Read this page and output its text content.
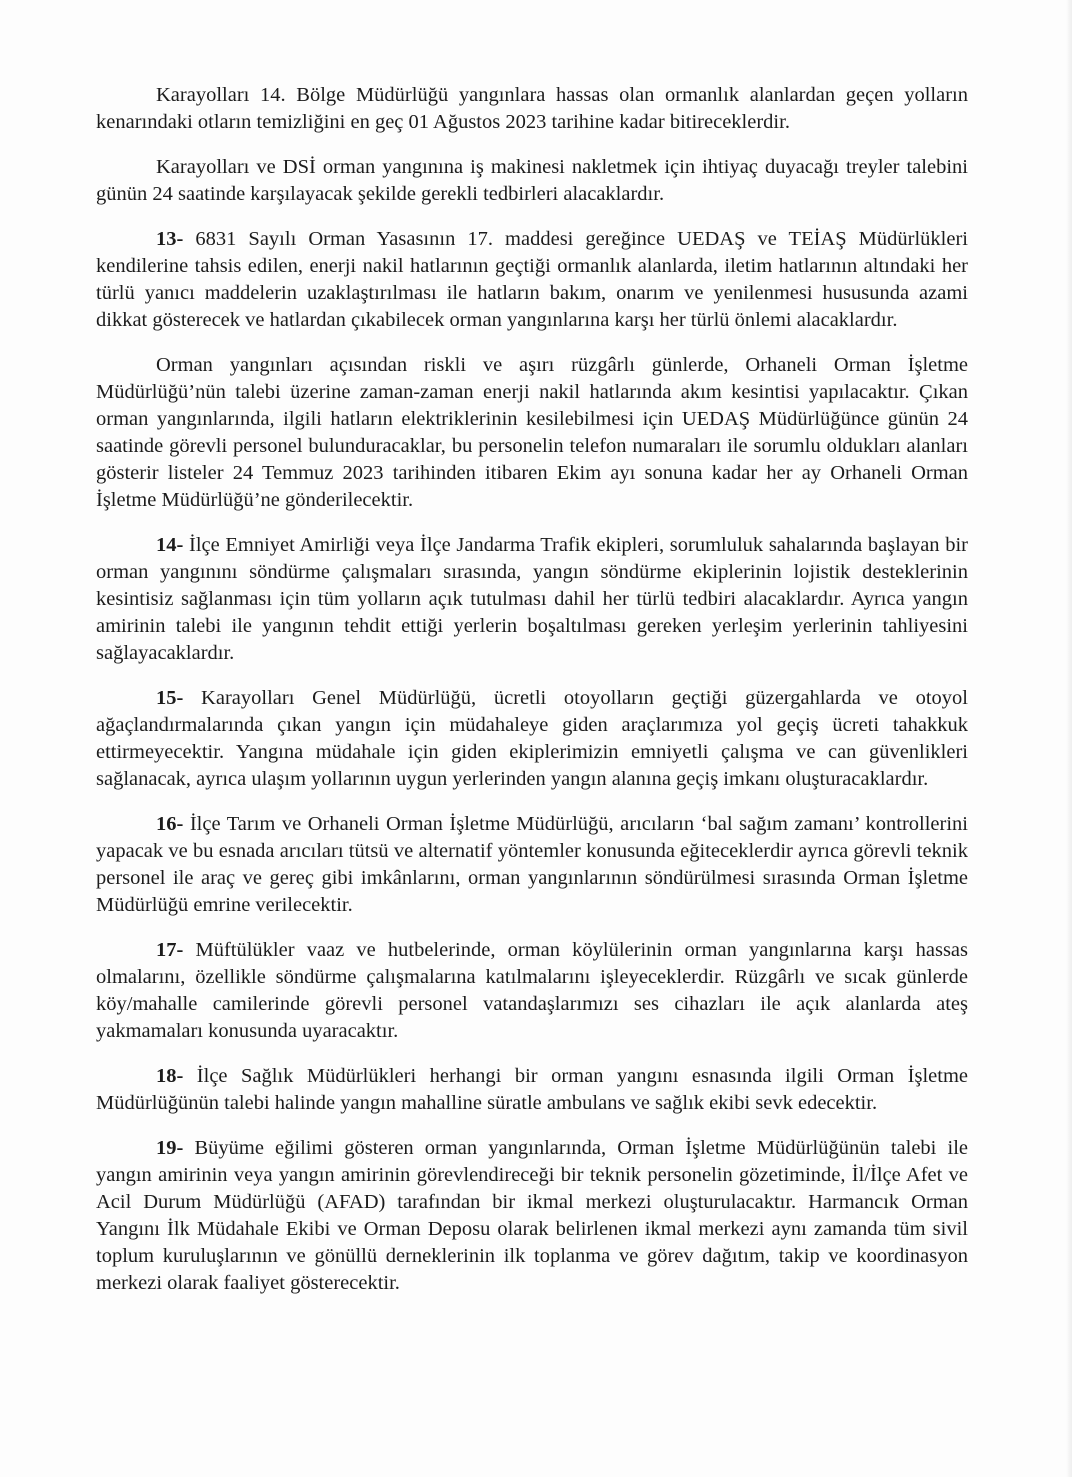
Karayolları 14. Bölge Müdürlüğü yangınlara hassas olan ormanlık alanlardan geçen yolların kenarındaki otların temizliğini en geç 01 Ağustos 2023 tarihine kadar bitireceklerdir.

Karayolları ve DSİ orman yangınına iş makinesi nakletmek için ihtiyaç duyacağı treyler talebini günün 24 saatinde karşılayacak şekilde gerekli tedbirleri alacaklardır.

13- 6831 Sayılı Orman Yasasının 17. maddesi gereğince UEDAŞ ve TEİAŞ Müdürlükleri kendilerine tahsis edilen, enerji nakil hatlarının geçtiği ormanlık alanlarda, iletim hatlarının altındaki her türlü yanıcı maddelerin uzaklaştırılması ile hatların bakım, onarım ve yenilenmesi hususunda azami dikkat gösterecek ve hatlardan çıkabilecek orman yangınlarına karşı her türlü önlemi alacaklardır.

Orman yangınları açısından riskli ve aşırı rüzgârlı günlerde, Orhaneli Orman İşletme Müdürlüğü’nün talebi üzerine zaman-zaman enerji nakil hatlarında akım kesintisi yapılacaktır. Çıkan orman yangınlarında, ilgili hatların elektriklerinin kesilebilmesi için UEDAŞ Müdürlüğünce günün 24 saatinde görevli personel bulunduracaklar, bu personelin telefon numaraları ile sorumlu oldukları alanları gösterir listeler 24 Temmuz 2023 tarihinden itibaren Ekim ayı sonuna kadar her ay Orhaneli Orman İşletme Müdürlüğü’ne gönderilecektir.

14- İlçe Emniyet Amirliği veya İlçe Jandarma Trafik ekipleri, sorumluluk sahalarında başlayan bir orman yangınını söndürme çalışmaları sırasında, yangın söndürme ekiplerinin lojistik desteklerinin kesintisiz sağlanması için tüm yolların açık tutulması dahil her türlü tedbiri alacaklardır. Ayrıca yangın amirinin talebi ile yangının tehdit ettiği yerlerin boşaltılması gereken yerleşim yerlerinin tahliyesini sağlayacaklardır.

15- Karayolları Genel Müdürlüğü, ücretli otoyolların geçtiği güzergahlarda ve otoyol ağaçlandırmalarında çıkan yangın için müdahaleye giden araçlarımıza yol geçiş ücreti tahakkuk ettirmeyecektir. Yangına müdahale için giden ekiplerimizin emniyetli çalışma ve can güvenlikleri sağlanacak, ayrıca ulaşım yollarının uygun yerlerinden yangın alanına geçiş imkanı oluşturacaklardır.

16- İlçe Tarım ve Orhaneli Orman İşletme Müdürlüğü, arıcıların ‘bal sağım zamanı’ kontrollerini yapacak ve bu esnada arıcıları tütsü ve alternatif yöntemler konusunda eğiteceklerdir ayrıca görevli teknik personel ile araç ve gereç gibi imkânlarını, orman yangınlarının söndürülmesi sırasında Orman İşletme Müdürlüğü emrine verilecektir.

17- Müftülükler vaaz ve hutbelerinde, orman köylülerinin orman yangınlarına karşı hassas olmalarını, özellikle söndürme çalışmalarına katılmalarını işleyeceklerdir. Rüzgârlı ve sıcak günlerde köy/mahalle camilerinde görevli personel vatandaşlarımızı ses cihazları ile açık alanlarda ateş yakmamaları konusunda uyaracaktır.

18- İlçe Sağlık Müdürlükleri herhangi bir orman yangını esnasında ilgili Orman İşletme Müdürlüğünün talebi halinde yangın mahalline süratle ambulans ve sağlık ekibi sevk edecektir.

19- Büyüme eğilimi gösteren orman yangınlarında, Orman İşletme Müdürlüğünün talebi ile yangın amirinin veya yangın amirinin görevlendireceği bir teknik personelin gözetiminde, İl/İlçe Afet ve Acil Durum Müdürlüğü (AFAD) tarafından bir ikmal merkezi oluşturulacaktır. Harmancık Orman Yangını İlk Müdahale Ekibi ve Orman Deposu olarak belirlenen ikmal merkezi aynı zamanda tüm sivil toplum kuruluşlarının ve gönüllü derneklerinin ilk toplanma ve görev dağıtım, takip ve koordinasyon merkezi olarak faaliyet gösterecektir.
